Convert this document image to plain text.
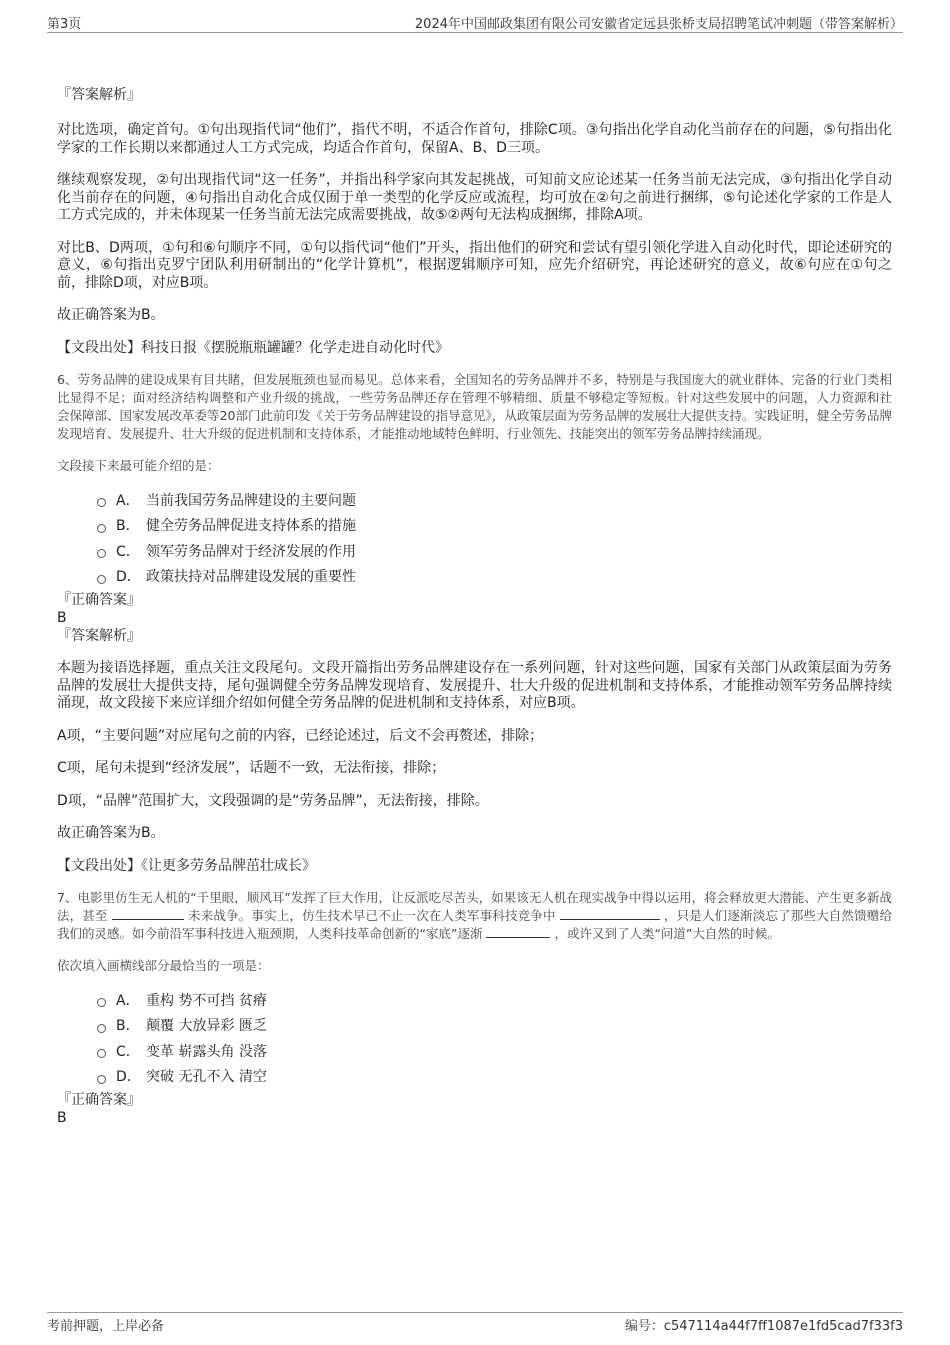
第3页	2024年中国邮政集团有限公司安徽省定远县张桥支局招聘笔试冲刺题（带答案解析）

『答案解析』

对比选项，确定首句。①句出现指代词“他们”，指代不明，不适合作首句，排除C项。③句指出化学自动化当前存在的问题，⑤句指出化学家的工作长期以来都通过人工方式完成，均适合作首句，保留A、B、D三项。

继续观察发现，②句出现指代词“这一任务”，并指出科学家向其发起挑战，可知前文应论述某一任务当前无法完成，③句指出化学自动化当前存在的问题，④句指出自动化合成仅囿于单一类型的化学反应或流程，均可放在②句之前进行捆绑，⑤句论述化学家的工作是人工方式完成的，并未体现某一任务当前无法完成需要挑战，故⑤②两句无法构成捆绑，排除A项。

对比B、D两项，①句和⑥句顺序不同，①句以指代词“他们”开头，指出他们的研究和尝试有望引领化学进入自动化时代，即论述研究的意义，⑥句指出克罗宁团队利用研制出的“化学计算机”，根据逻辑顺序可知，应先介绍研究，再论述研究的意义，故⑥句应在①句之前，排除D项，对应B项。

故正确答案为B。

【文段出处】科技日报《摆脱瓶瓶罐罐？化学走进自动化时代》

6、劳务品牌的建设成果有目共睹，但发展瓶颈也显而易见。总体来看，全国知名的劳务品牌并不多，特别是与我国庞大的就业群体、完备的行业门类相比显得不足；面对经济结构调整和产业升级的挑战，一些劳务品牌还存在管理不够精细、质量不够稳定等短板。针对这些发展中的问题，人力资源和社会保障部、国家发展改革委等20部门此前印发《关于劳务品牌建设的指导意见》，从政策层面为劳务品牌的发展壮大提供支持。实践证明，健全劳务品牌发现培育、发展提升、壮大升级的促进机制和支持体系，才能推动地域特色鲜明、行业领先、技能突出的领军劳务品牌持续涌现。

文段接下来最可能介绍的是：

A． 当前我国劳务品牌建设的主要问题
B． 健全劳务品牌促进支持体系的措施
C． 领军劳务品牌对于经济发展的作用
D． 政策扶持对品牌建设发展的重要性

『正确答案』

B

『答案解析』

本题为接语选择题，重点关注文段尾句。文段开篇指出劳务品牌建设存在一系列问题，针对这些问题，国家有关部门从政策层面为劳务品牌的发展壮大提供支持，尾句强调健全劳务品牌发现培育、发展提升、壮大升级的促进机制和支持体系，才能推动领军劳务品牌持续涌现，故文段接下来应详细介绍如何健全劳务品牌的促进机制和支持体系，对应B项。

A项，“主要问题”对应尾句之前的内容，已经论述过，后文不会再赘述，排除；

C项，尾句未提到“经济发展”，话题不一致，无法衔接，排除；

D项，“品牌”范围扩大，文段强调的是“劳务品牌”，无法衔接，排除。

故正确答案为B。

【文段出处】《让更多劳务品牌茁壮成长》

7、电影里仿生无人机的“千里眼，顺风耳”发挥了巨大作用，让反派吃尽苦头，如果该无人机在现实战争中得以运用，将会释放更大潜能、产生更多新战法，甚至	未来战争。事实上，仿生技术早已不止一次在人类军事科技竞争中	，只是人们逐渐淡忘了那些大自然馈赠给我们的灵感。如今前沿军事科技进入瓶颈期，人类科技革命创新的“家底”逐渐	，或许又到了人类“问道”大自然的时候。

依次填入画横线部分最恰当的一项是：

A． 重构 势不可挡 贫瘠
B． 颠覆 大放异彩 匮乏
C． 变革 崭露头角 没落
D． 突破 无孔不入 清空

『正确答案』

B

考前押题，上岸必备	编号：c547114a44f7ff1087e1fd5cad7f33f3
